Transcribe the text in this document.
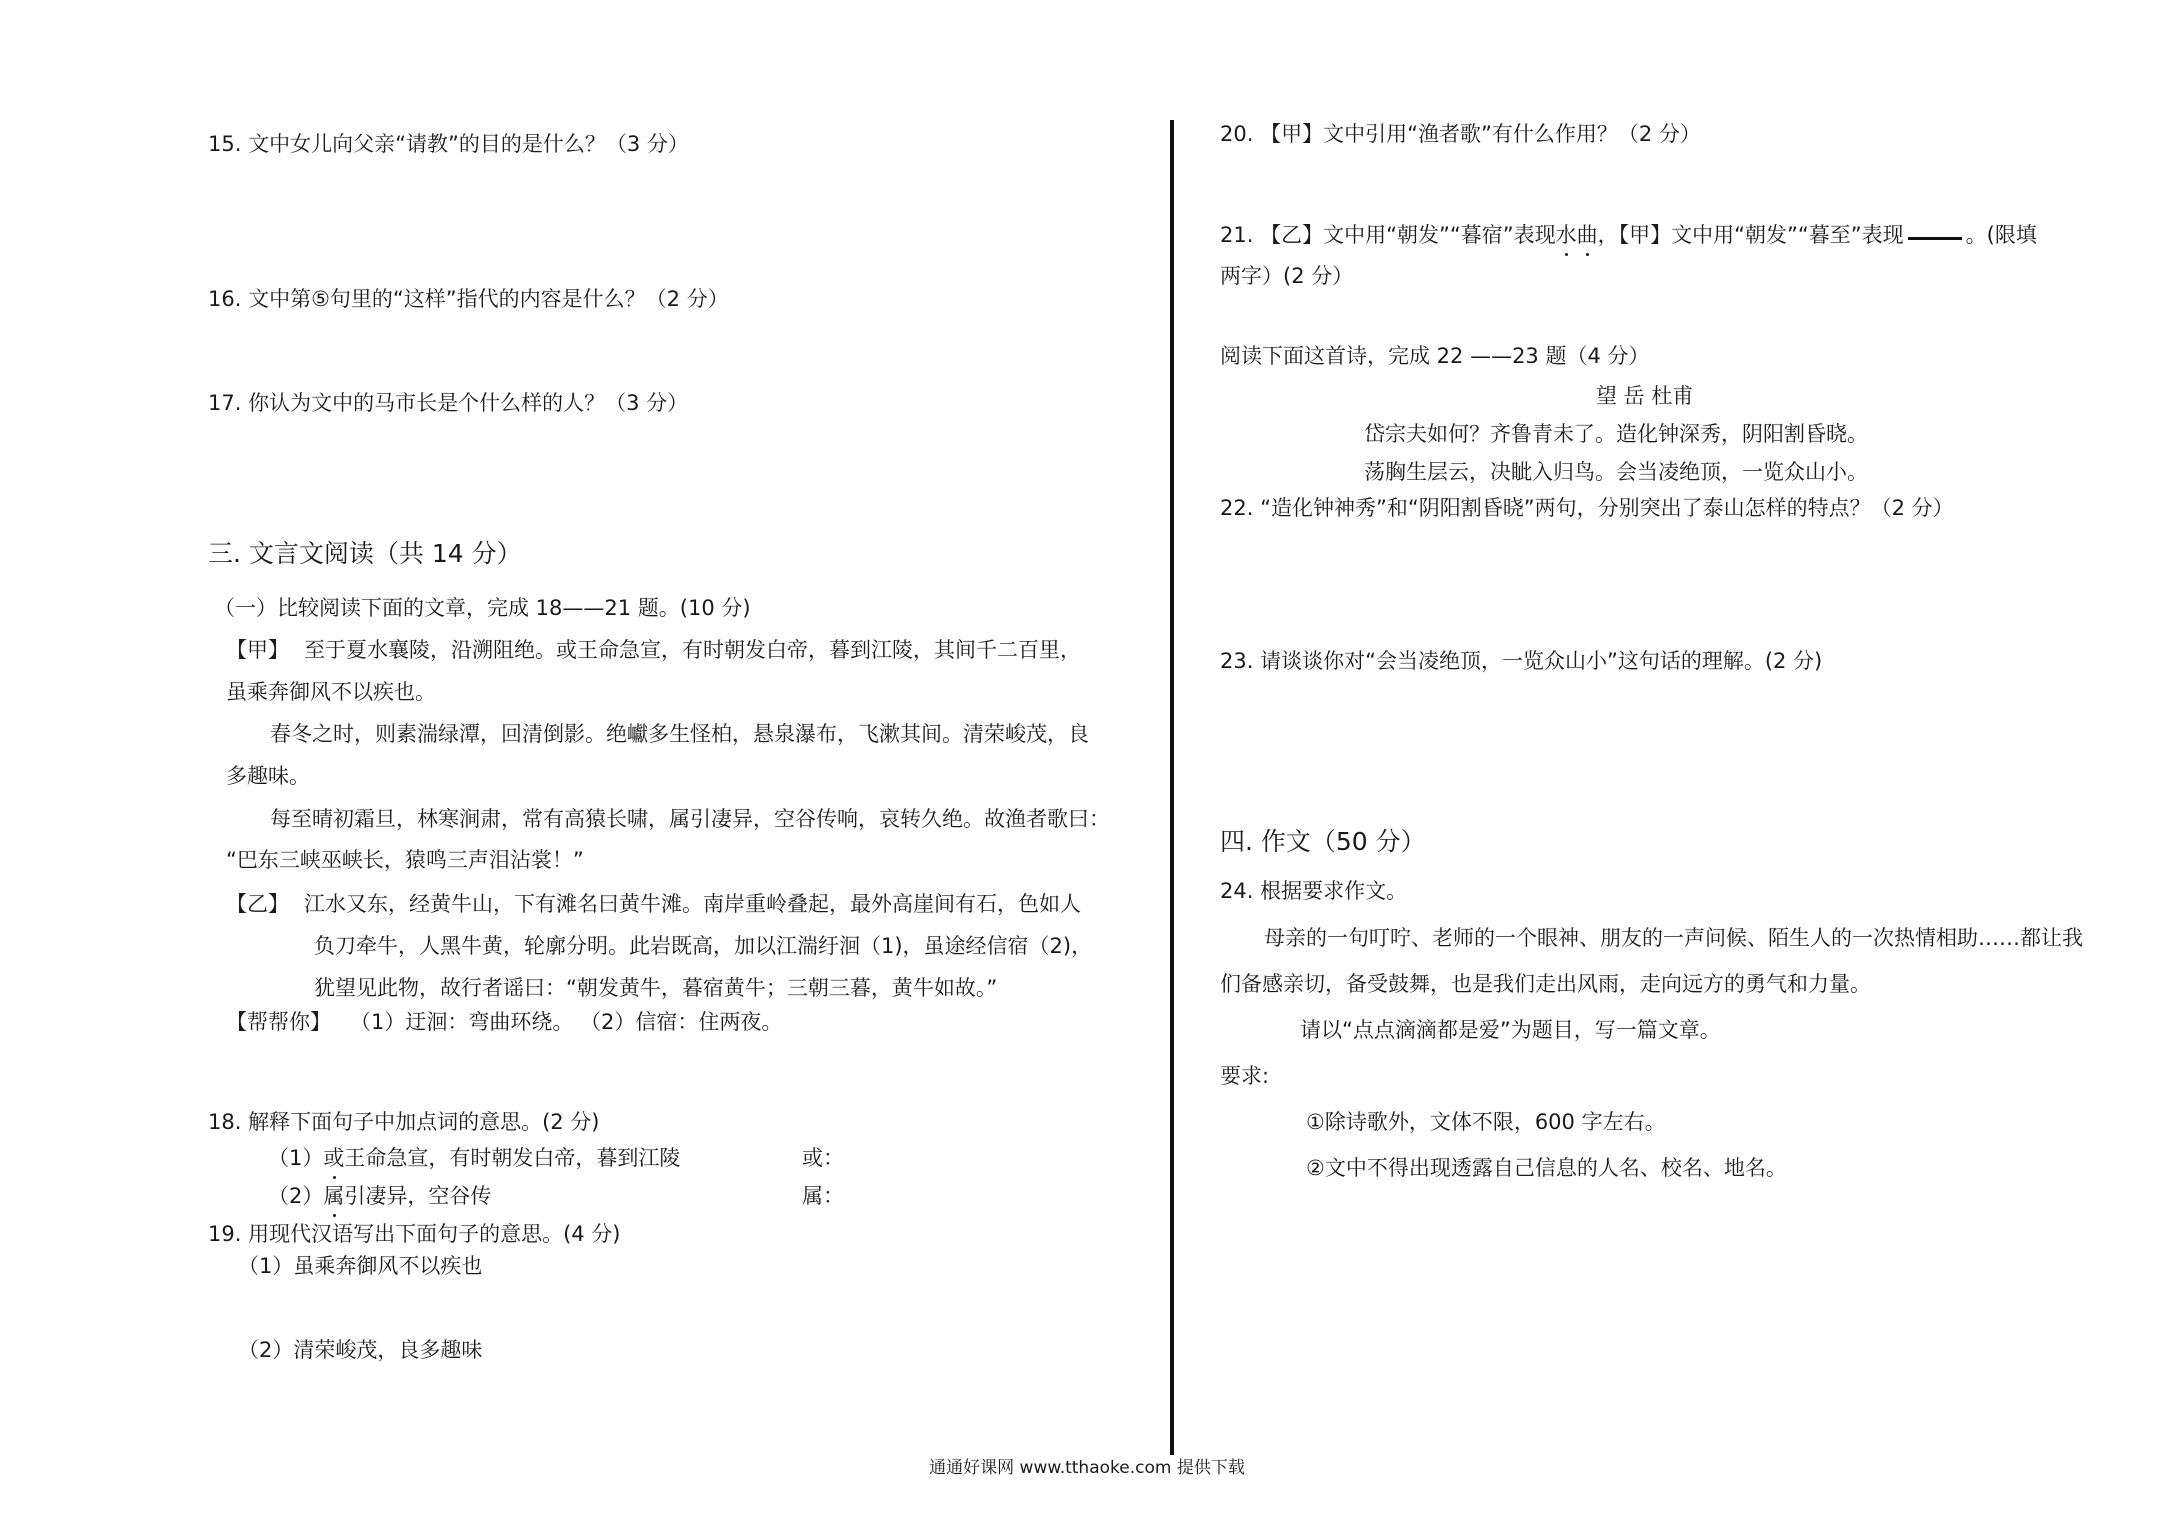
15. 文中女儿向父亲“请教”的目的是什么？（3 分）
16. 文中第⑤句里的“这样”指代的内容是什么？（2 分）
17. 你认为文中的马市长是个什么样的人？（3 分）
三. 文言文阅读（共 14 分）
（一）比较阅读下面的文章，完成 18——21 题。(10 分)
【甲】 至于夏水襄陵，沿溯阻绝。或王命急宣，有时朝发白帝，暮到江陵，其间千二百里，
虽乘奔御风不以疾也。
春冬之时，则素湍绿潭，回清倒影。绝巘多生怪柏，悬泉瀑布，飞漱其间。清荣峻茂，良
多趣味。
每至晴初霜旦，林寒涧肃，常有高猿长啸，属引凄异，空谷传响，哀转久绝。故渔者歌曰：
“巴东三峡巫峡长，猿鸣三声泪沾裳！”
【乙】 江水又东，经黄牛山，下有滩名曰黄牛滩。南岸重岭叠起，最外高崖间有石，色如人
负刀牵牛，人黑牛黄，轮廓分明。此岩既高，加以江湍纡洄（1)，虽途经信宿（2)，
犹望见此物，故行者谣曰：“朝发黄牛，暮宿黄牛；三朝三暮，黄牛如故。”
【帮帮你】 （1）迂洄：弯曲环绕。 （2）信宿：住两夜。
18. 解释下面句子中加点词的意思。(2 分)
（1）或王命急宣，有时朝发白帝，暮到江陵	或：
（2）属引凄异，空谷传	属：
19. 用现代汉语写出下面句子的意思。(4 分)
（1）虽乘奔御风不以疾也
（2）清荣峻茂，良多趣味
20. 【甲】文中引用“渔者歌”有什么作用？（2 分）
21. 【乙】文中用“朝发”“暮宿”表现水曲，【甲】文中用“朝发”“暮至”表现	。(限填
两字）(2 分）
阅读下面这首诗，完成 22 ——23 题（4 分）
望 岳 杜甫
岱宗夫如何？齐鲁青未了。造化钟深秀，阴阳割昏晓。
荡胸生层云，决眦入归鸟。会当凌绝顶，一览众山小。
22. “造化钟神秀”和“阴阳割昏晓”两句，分别突出了泰山怎样的特点？（2 分）
23. 请谈谈你对“会当凌绝顶，一览众山小”这句话的理解。(2 分)
四. 作文（50 分）
24. 根据要求作文。
母亲的一句叮咛、老师的一个眼神、朋友的一声问候、陌生人的一次热情相助……都让我
们备感亲切，备受鼓舞，也是我们走出风雨，走向远方的勇气和力量。
请以“点点滴滴都是爱”为题目，写一篇文章。
要求:
①除诗歌外，文体不限，600 字左右。
②文中不得出现透露自己信息的人名、校名、地名。
通通好课网 www.tthaoke.com 提供下载
